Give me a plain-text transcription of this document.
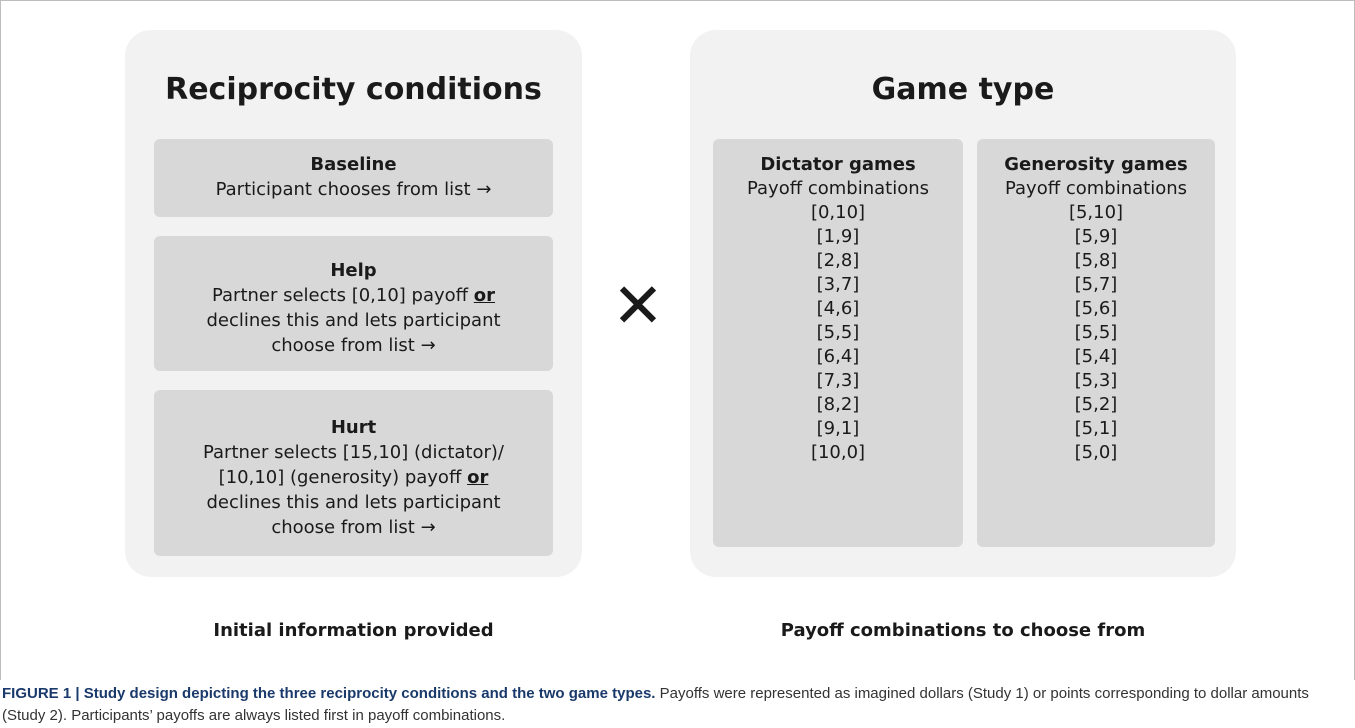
Reciprocity conditions
Baseline
Participant chooses from list →
Help
Partner selects [0,10] payoff or
declines this and lets participant
choose from list →
Hurt
Partner selects [15,10] (dictator)/
[10,10] (generosity) payoff or
declines this and lets participant
choose from list →
✕
Game type
Dictator games
Payoff combinations
[0,10]
[1,9]
[2,8]
[3,7]
[4,6]
[5,5]
[6,4]
[7,3]
[8,2]
[9,1]
[10,0]
Generosity games
Payoff combinations
[5,10]
[5,9]
[5,8]
[5,7]
[5,6]
[5,5]
[5,4]
[5,3]
[5,2]
[5,1]
[5,0]
Initial information provided	Payoff combinations to choose from
FIGURE 1 | Study design depicting the three reciprocity conditions and the two game types. Payoffs were represented as imagined dollars (Study 1) or points corresponding to dollar amounts (Study 2). Participants’ payoffs are always listed first in payoff combinations.
